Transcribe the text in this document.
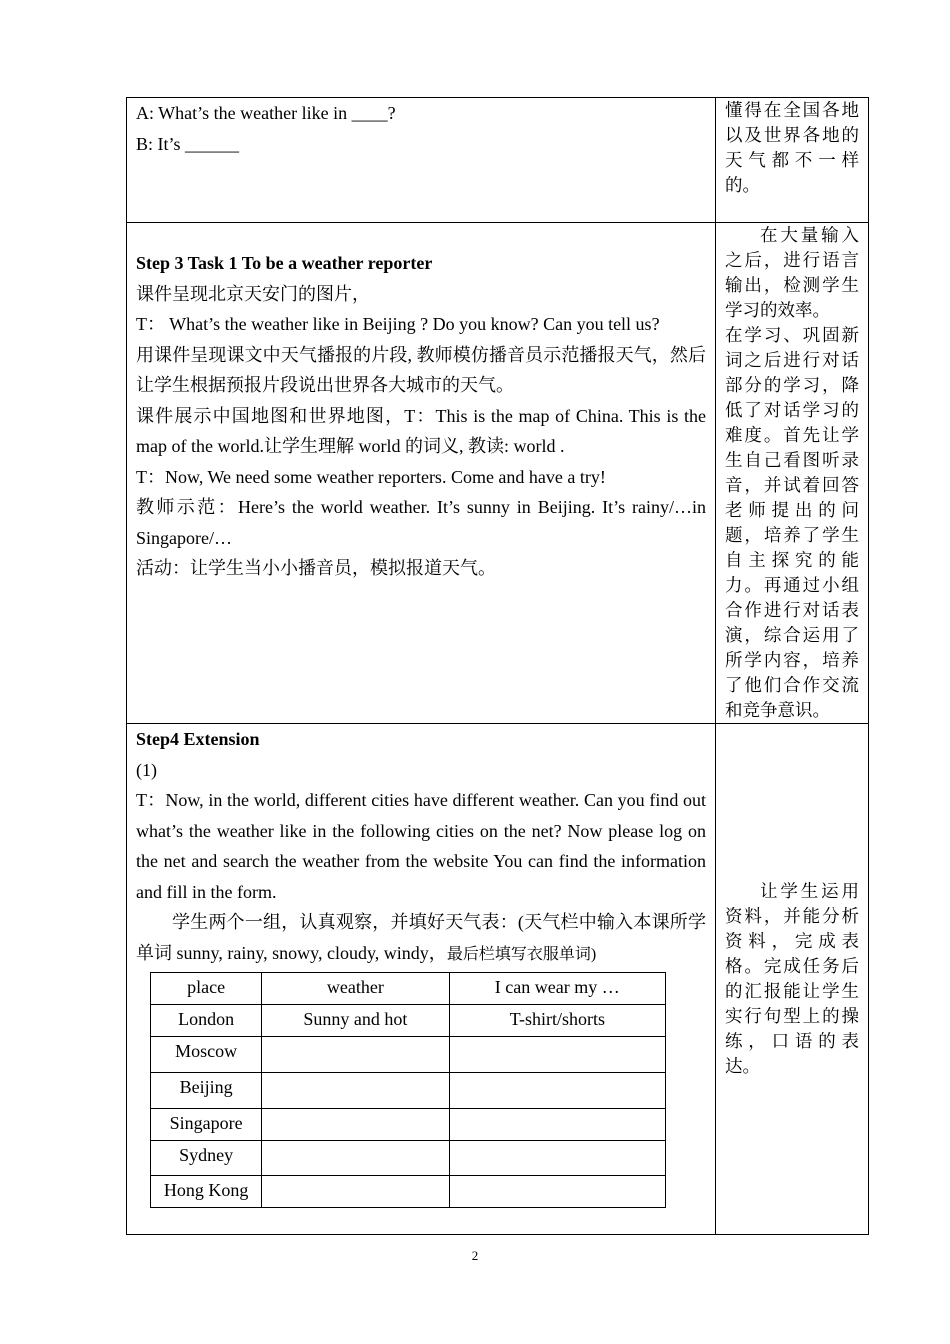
A: What’s the weather like in ____?

B: It’s ______

懂得在全国各地以及世界各地的天气都不一样的。

Step 3 Task 1 To be a weather reporter

课件呈现北京天安门的图片，

T： What’s the weather like in Beijing ? Do you know? Can you tell us?

用课件呈现课文中天气播报的片段, 教师模仿播音员示范播报天气，然后让学生根据预报片段说出世界各大城市的天气。

课件展示中国地图和世界地图，T：This is the map of China. This is the map of the world.让学生理解 world 的词义, 教读: world .

T：Now, We need some weather reporters. Come and have a try!

教师示范：Here’s the world weather. It’s sunny in Beijing. It’s rainy/…in Singapore/…

活动：让学生当小小播音员，模拟报道天气。

在大量输入之后，进行语言输出，检测学生学习的效率。

在学习、巩固新词之后进行对话部分的学习，降低了对话学习的难度。首先让学生自己看图听录音，并试着回答老师提出的问题，培养了学生自主探究的能力。再通过小组合作进行对话表演，综合运用了所学内容，培养了他们合作交流和竞争意识。

Step4 Extension

(1)

T：Now, in the world, different cities have different weather. Can you find out what’s the weather like in the following cities on the net? Now please log on the net and search the weather from the website You can find the information and fill in the form.

学生两个一组，认真观察，并填好天气表：(天气栏中输入本课所学单词 sunny, rainy, snowy, cloudy, windy，最后栏填写衣服单词)

place	weather	I can wear my …
London	Sunny and hot	T-shirt/shorts
Moscow		
Beijing		
Singapore		
Sydney		
Hong Kong		

让学生运用资料，并能分析资料，完成表格。完成任务后的汇报能让学生实行句型上的操练，口语的表达。

2
